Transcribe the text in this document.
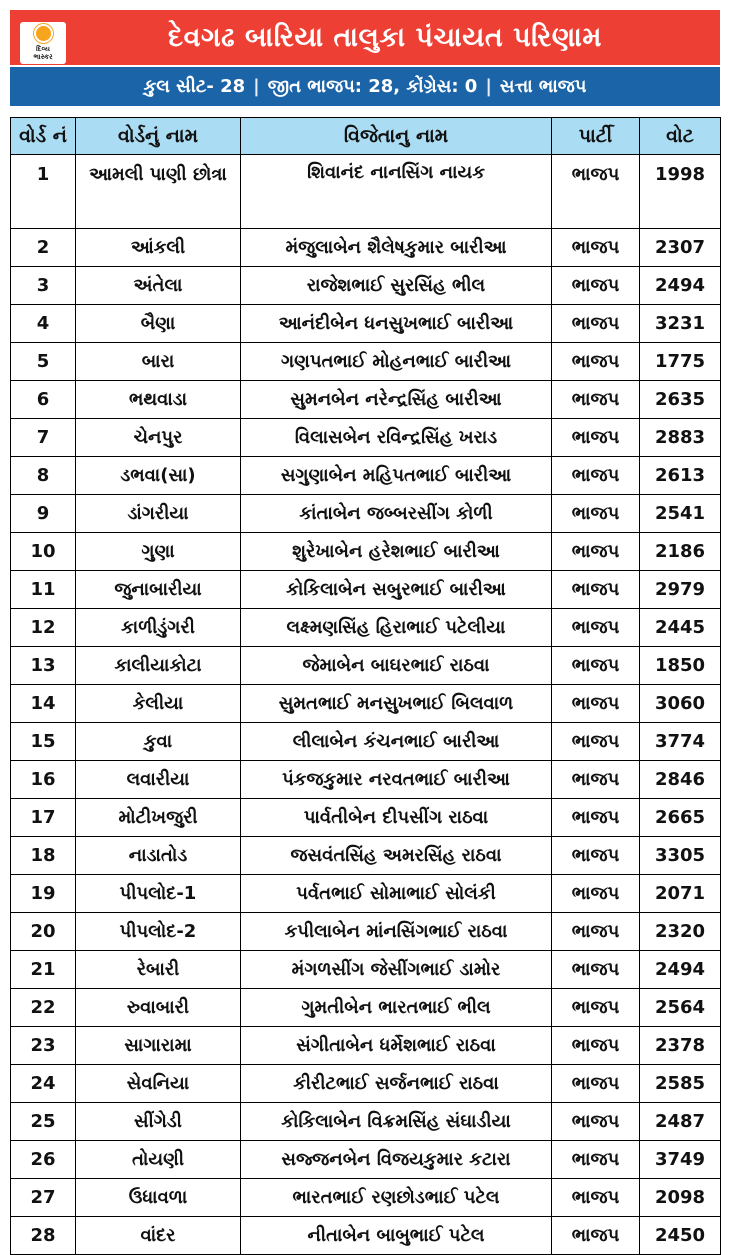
દિવ્ય
ભાસ્કર
દેવગઢ બારિયા તાલુકા પંચાયત પરિણામ
કુલ સીટ- 28 | જીત ભાજપ: 28, કોંગ્રેસ: 0 | સત્તા ભાજપ
વોર્ડ નં	વોર્ડનું નામ	વિજેતાનુ નામ	પાર્ટી	વોટ
1	આમલી પાણી છોત્રા	શિવાનંદ નાનસિંગ નાયક	ભાજપ	1998
2	આંકલી	મંજુલાબેન શૈલેષકુમાર બારીઆ	ભાજપ	2307
3	અંતેલા	રાજેશભાઈ સુરસિંહ ભીલ	ભાજપ	2494
4	બૈણા	આનંદીબેન ધનસુખભાઈ બારીઆ	ભાજપ	3231
5	બારા	ગણપતભાઈ મોહનભાઈ બારીઆ	ભાજપ	1775
6	ભથવાડા	સુમનબેન નરેન્દ્રસિંહ બારીઆ	ભાજપ	2635
7	ચેનપુર	વિલાસબેન રવિન્દ્રસિંહ ખરાડ	ભાજપ	2883
8	ડભવા(સા)	સગુણાબેન મહિપતભાઈ બારીઆ	ભાજપ	2613
9	ડાંગરીયા	કાંતાબેન જબ્બરસીંગ કોળી	ભાજપ	2541
10	ગુણા	શુરેખાબેન હરેશભાઈ બારીઆ	ભાજપ	2186
11	જુનાબારીયા	કોકિલાબેન સબુરભાઈ બારીઆ	ભાજપ	2979
12	કાળીડુંગરી	લક્ષ્મણસિંહ હિરાભાઈ પટેલીયા	ભાજપ	2445
13	કાલીયાકોટા	જેમાબેન બાઘરભાઈ રાઠવા	ભાજપ	1850
14	કેલીયા	સુમતભાઈ મનસુખભાઈ બિલવાળ	ભાજપ	3060
15	કુવા	લીલાબેન કંચનભાઈ બારીઆ	ભાજપ	3774
16	લવારીયા	પંકજકુમાર નરવતભાઈ બારીઆ	ભાજપ	2846
17	મોટીખજુરી	પાર્વતીબેન દીપસીંગ રાઠવા	ભાજપ	2665
18	નાડાતોડ	જસવંતસિંહ અમરસિંહ રાઠવા	ભાજપ	3305
19	પીપલોદ-1	પર્વતભાઈ સોમાભાઈ સોલંકી	ભાજપ	2071
20	પીપલોદ-2	કપીલાબેન માંનસિંગભાઈ રાઠવા	ભાજપ	2320
21	રેબારી	મંગળસીંગ જેસીંગભાઈ ડામોર	ભાજપ	2494
22	રુવાબારી	ગુમતીબેન ભારતભાઈ ભીલ	ભાજપ	2564
23	સાગારામા	સંગીતાબેન ધર્મેશભાઈ રાઠવા	ભાજપ	2378
24	સેવનિયા	કીરીટભાઈ સર્જનભાઈ રાઠવા	ભાજપ	2585
25	સીંગેડી	કોકિલાબેન વિક્રમસિંહ સંઘાડીયા	ભાજપ	2487
26	તોયણી	સજ્જનબેન વિજયકુમાર કટારા	ભાજપ	3749
27	ઉધાવળા	ભારતભાઈ રણછોડભાઈ પટેલ	ભાજપ	2098
28	વાંદર	નીતાબેન બાબુભાઈ પટેલ	ભાજપ	2450
